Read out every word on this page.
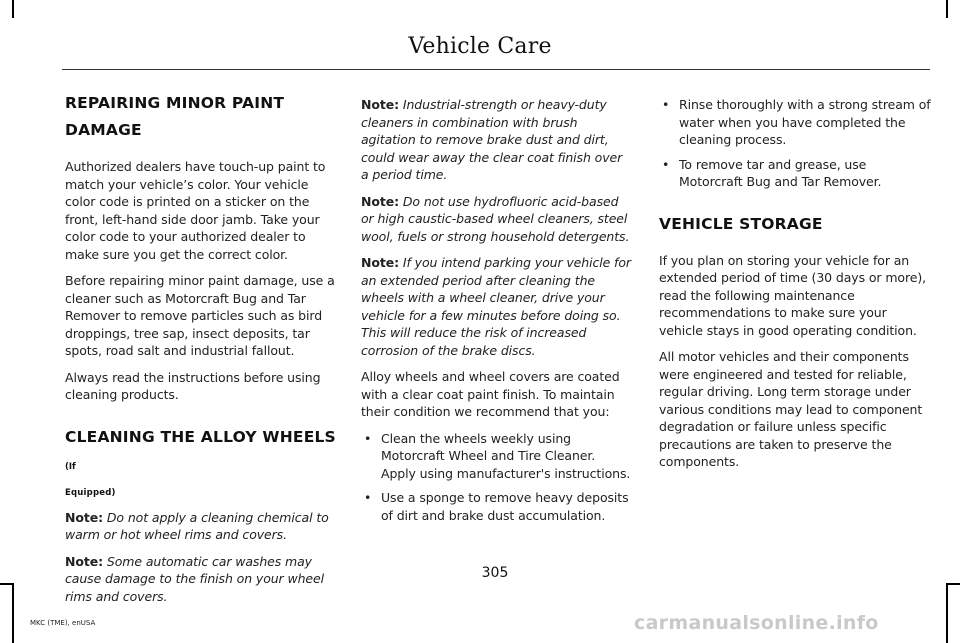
Vehicle Care
REPAIRING MINOR PAINT
DAMAGE

Authorized dealers have touch-up paint to match your vehicle’s color. Your vehicle color code is printed on a sticker on the front, left-hand side door jamb. Take your color code to your authorized dealer to make sure you get the correct color.

Before repairing minor paint damage, use a cleaner such as Motorcraft Bug and Tar Remover to remove particles such as bird droppings, tree sap, insect deposits, tar spots, road salt and industrial fallout.

Always read the instructions before using cleaning products.

CLEANING THE ALLOY WHEELS (If
Equipped)

Note: Do not apply a cleaning chemical to warm or hot wheel rims and covers.

Note: Some automatic car washes may cause damage to the finish on your wheel rims and covers.

Note: Industrial-strength or heavy-duty cleaners in combination with brush agitation to remove brake dust and dirt, could wear away the clear coat finish over a period time.

Note: Do not use hydrofluoric acid-based or high caustic-based wheel cleaners, steel wool, fuels or strong household detergents.

Note: If you intend parking your vehicle for an extended period after cleaning the wheels with a wheel cleaner, drive your vehicle for a few minutes before doing so. This will reduce the risk of increased corrosion of the brake discs.

Alloy wheels and wheel covers are coated with a clear coat paint finish. To maintain their condition we recommend that you:

• Clean the wheels weekly using Motorcraft Wheel and Tire Cleaner. Apply using manufacturer's instructions.
• Use a sponge to remove heavy deposits of dirt and brake dust accumulation.
• Rinse thoroughly with a strong stream of water when you have completed the cleaning process.
• To remove tar and grease, use Motorcraft Bug and Tar Remover.
VEHICLE STORAGE

If you plan on storing your vehicle for an extended period of time (30 days or more), read the following maintenance recommendations to make sure your vehicle stays in good operating condition.

All motor vehicles and their components were engineered and tested for reliable, regular driving. Long term storage under various conditions may lead to component degradation or failure unless specific precautions are taken to preserve the components.

305
MKC (TME), enUSA	carmanualsonline.info
